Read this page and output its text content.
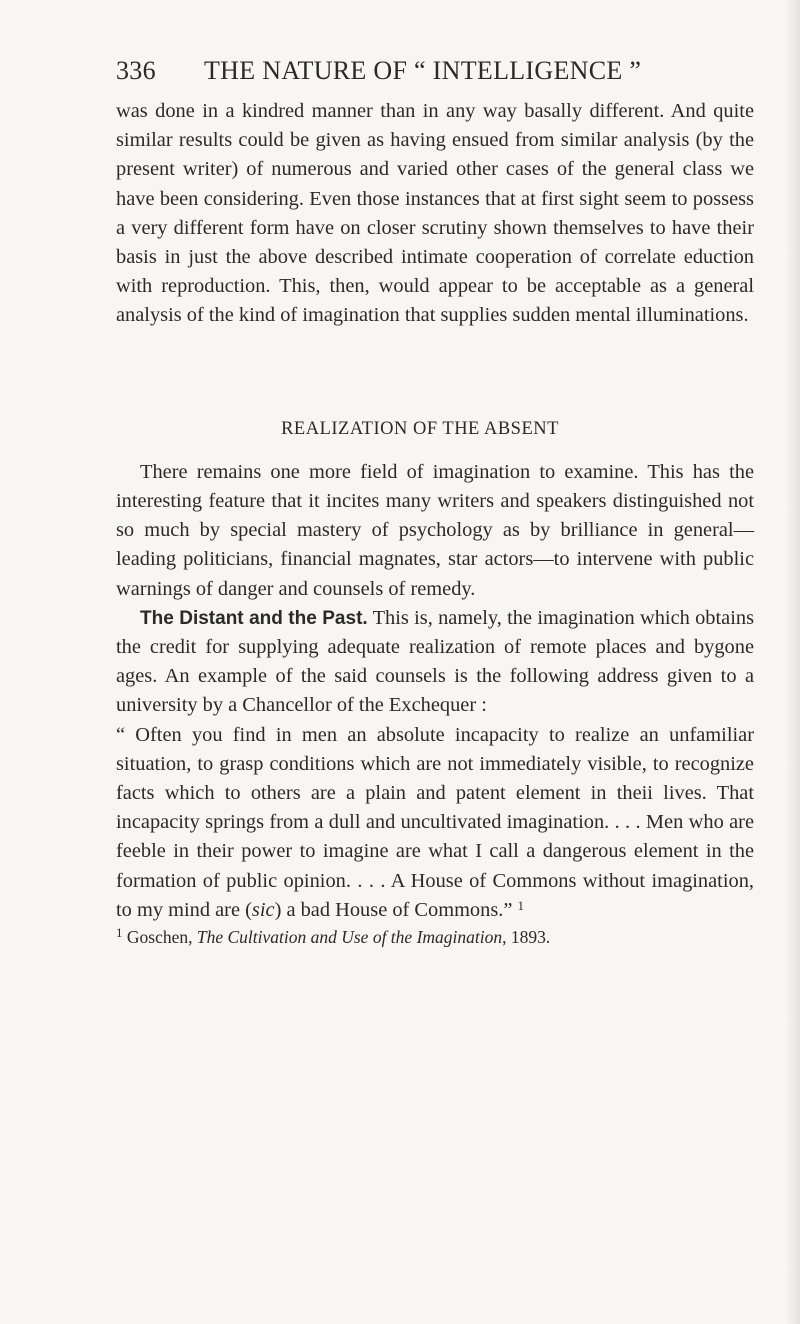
336 THE NATURE OF “ INTELLIGENCE ”

was done in a kindred manner than in any way basally different. And quite similar results could be given as having ensued from similar analysis (by the present writer) of numerous and varied other cases of the general class we have been considering. Even those instances that at first sight seem to possess a very different form have on closer scrutiny shown themselves to have their basis in just the above described intimate cooperation of correlate eduction with reproduction. This, then, would appear to be acceptable as a general analysis of the kind of imagination that supplies sudden mental illuminations.

REALIZATION OF THE ABSENT

There remains one more field of imagination to examine. This has the interesting feature that it incites many writers and speakers distinguished not so much by special mastery of psychology as by brilliance in general—leading politicians, financial magnates, star actors—to intervene with public warnings of danger and counsels of remedy.

The Distant and the Past. This is, namely, the imagination which obtains the credit for supplying adequate realization of remote places and bygone ages. An example of the said counsels is the following address given to a university by a Chancellor of the Exchequer :

“ Often you find in men an absolute incapacity to realize an unfamiliar situation, to grasp conditions which are not immediately visible, to recognize facts which to others are a plain and patent element in theii lives. That incapacity springs from a dull and uncultivated imagination. . . . Men who are feeble in their power to imagine are what I call a dangerous element in the formation of public opinion. . . . A House of Commons without imagination, to my mind are (sic) a bad House of Commons.” $^1$

$^1$ Goschen, The Cultivation and Use of the Imagination, 1893.
